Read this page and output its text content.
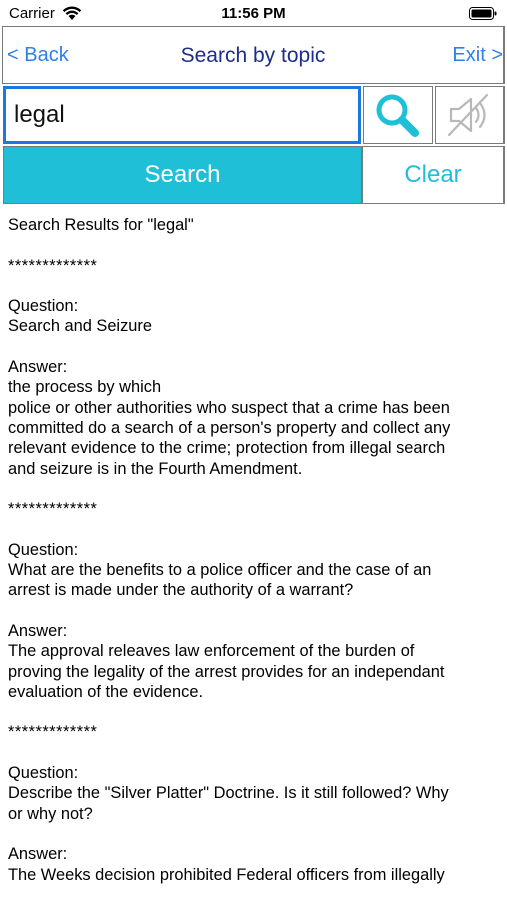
Carrier	11:56 PM
Search by topic
< Back	Exit >
legal
Search	Clear

Search Results for "legal"

*************

Question:

Search and Seizure

Answer:

the process by which

police or other authorities who suspect that a crime has been

committed do a search of a person's property and collect any

relevant evidence to the crime; protection from illegal search

and seizure is in the Fourth Amendment.

*************

Question:

What are the benefits to a police officer and the case of an

arrest is made under the authority of a warrant?

Answer:

The approval releaves law enforcement of the burden of

proving the legality of the arrest provides for an independant

evaluation of the evidence.

*************

Question:

Describe the "Silver Platter" Doctrine. Is it still followed? Why

or why not?

Answer:

The Weeks decision prohibited Federal officers from illegally
